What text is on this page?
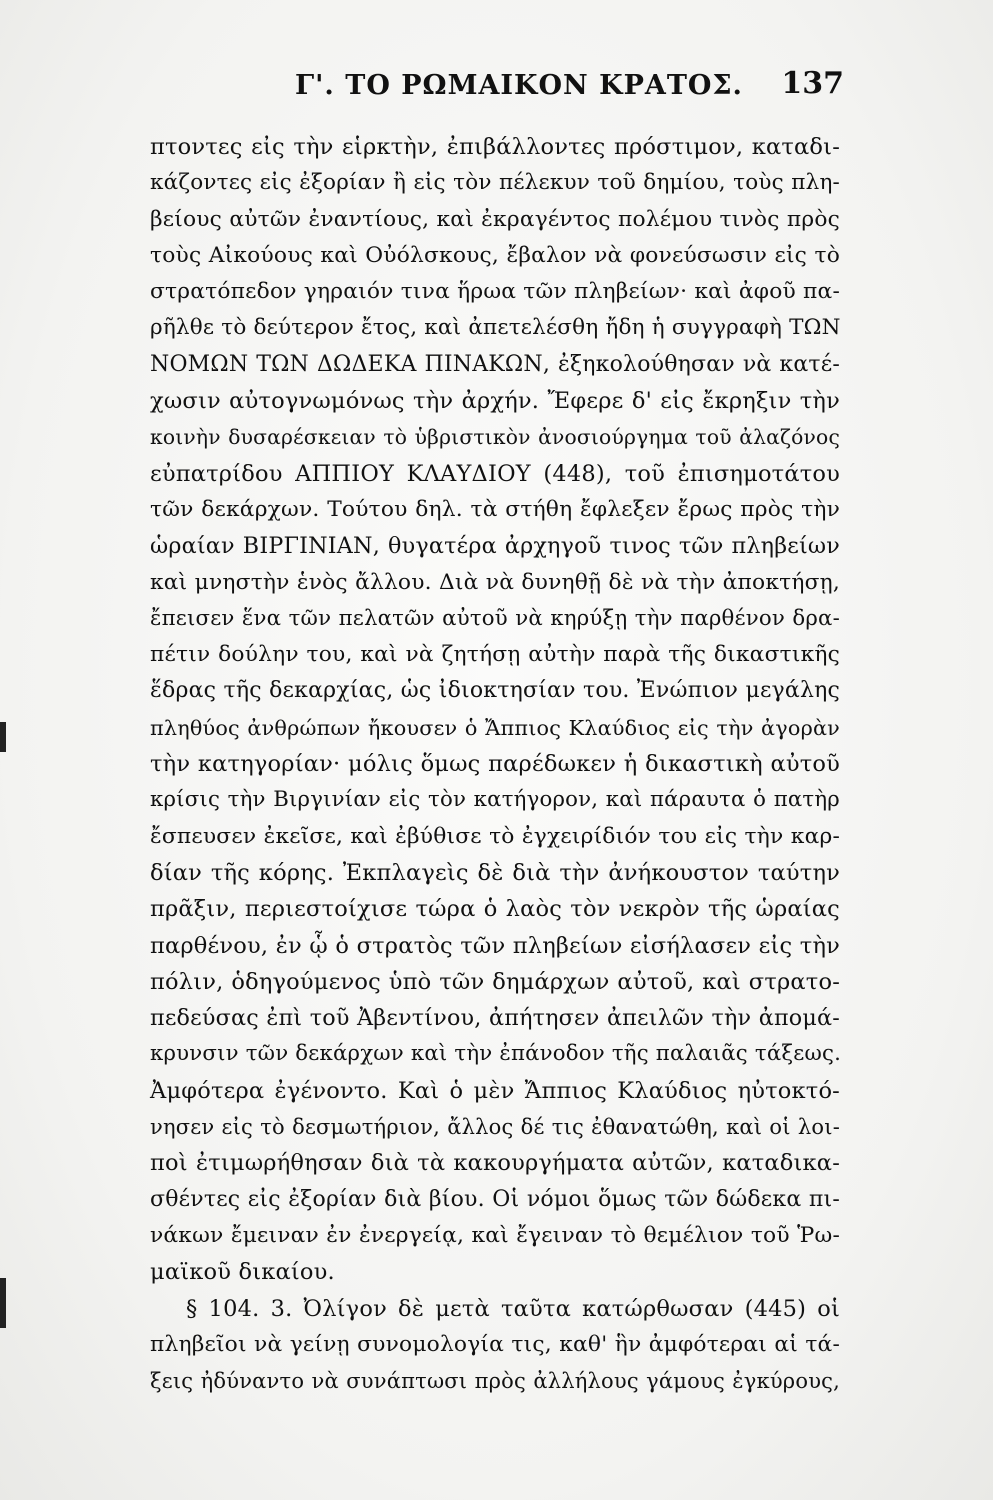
Γ'. ΤΟ ΡΩΜΑΙΚΟΝ ΚΡΑΤΟΣ. 137
πτοντες εἰς τὴν εἱρκτὴν, ἐπιβάλλοντες πρόστιμον, καταδι-
κάζοντες εἰς ἐξορίαν ἢ εἰς τὸν πέλεκυν τοῦ δημίου, τοὺς πλη-
βείους αὐτῶν ἐναντίους, καὶ ἐκραγέντος πολέμου τινὸς πρὸς
τοὺς Αἰκούους καὶ Οὐόλσκους, ἔβαλον νὰ φονεύσωσιν εἰς τὸ
στρατόπεδον γηραιόν τινα ἥρωα τῶν πληβείων· καὶ ἀφοῦ πα-
ρῆλθε τὸ δεύτερον ἔτος, καὶ ἀπετελέσθη ἤδη ἡ συγγραφὴ ΤΩΝ
ΝΟΜΩΝ ΤΩΝ ΔΩΔΕΚΑ ΠΙΝΑΚΩΝ, ἐξηκολούθησαν νὰ κατέ-
χωσιν αὐτογνωμόνως τὴν ἀρχήν. Ἔφερε δ' εἰς ἔκρηξιν τὴν
κοινὴν δυσαρέσκειαν τὸ ὑβριστικὸν ἀνοσιούργημα τοῦ ἀλαζόνος
εὐπατρίδου ΑΠΠΙΟΥ ΚΛΑΥΔΙΟΥ (448), τοῦ ἐπισημοτάτου
τῶν δεκάρχων. Τούτου δηλ. τὰ στήθη ἔφλεξεν ἔρως πρὸς τὴν
ὡραίαν ΒΙΡΓΙΝΙΑΝ, θυγατέρα ἀρχηγοῦ τινος τῶν πληβείων
καὶ μνηστὴν ἑνὸς ἄλλου. Διὰ νὰ δυνηθῇ δὲ νὰ τὴν ἀποκτήσῃ,
ἔπεισεν ἕνα τῶν πελατῶν αὐτοῦ νὰ κηρύξῃ τὴν παρθένον δρα-
πέτιν δούλην του, καὶ νὰ ζητήσῃ αὐτὴν παρὰ τῆς δικαστικῆς
ἕδρας τῆς δεκαρχίας, ὡς ἰδιοκτησίαν του. Ἐνώπιον μεγάλης
πληθύος ἀνθρώπων ἤκουσεν ὁ Ἄππιος Κλαύδιος εἰς τὴν ἀγορὰν
τὴν κατηγορίαν· μόλις ὅμως παρέδωκεν ἡ δικαστικὴ αὐτοῦ
κρίσις τὴν Βιργινίαν εἰς τὸν κατήγορον, καὶ πάραυτα ὁ πατὴρ
ἔσπευσεν ἐκεῖσε, καὶ ἐβύθισε τὸ ἐγχειρίδιόν του εἰς τὴν καρ-
δίαν τῆς κόρης. Ἐκπλαγεὶς δὲ διὰ τὴν ἀνήκουστον ταύτην
πρᾶξιν, περιεστοίχισε τώρα ὁ λαὸς τὸν νεκρὸν τῆς ὡραίας
παρθένου, ἐν ᾧ ὁ στρατὸς τῶν πληβείων εἰσήλασεν εἰς τὴν
πόλιν, ὁδηγούμενος ὑπὸ τῶν δημάρχων αὐτοῦ, καὶ στρατο-
πεδεύσας ἐπὶ τοῦ Ἀβεντίνου, ἀπήτησεν ἀπειλῶν τὴν ἀπομά-
κρυνσιν τῶν δεκάρχων καὶ τὴν ἐπάνοδον τῆς παλαιᾶς τάξεως.
Ἀμφότερα ἐγένοντο. Καὶ ὁ μὲν Ἄππιος Κλαύδιος ηὐτοκτό-
νησεν εἰς τὸ δεσμωτήριον, ἄλλος δέ τις ἐθανατώθη, καὶ οἱ λοι-
ποὶ ἐτιμωρήθησαν διὰ τὰ κακουργήματα αὐτῶν, καταδικα-
σθέντες εἰς ἐξορίαν διὰ βίου. Οἱ νόμοι ὅμως τῶν δώδεκα πι-
νάκων ἔμειναν ἐν ἐνεργείᾳ, καὶ ἔγειναν τὸ θεμέλιον τοῦ Ῥω-
μαϊκοῦ δικαίου.
§ 104. 3. Ὀλίγον δὲ μετὰ ταῦτα κατώρθωσαν (445) οἱ
πληβεῖοι νὰ γείνῃ συνομολογία τις, καθ' ἣν ἀμφότεραι αἱ τά-
ξεις ἠδύναντο νὰ συνάπτωσι πρὸς ἀλλήλους γάμους ἐγκύρους,
